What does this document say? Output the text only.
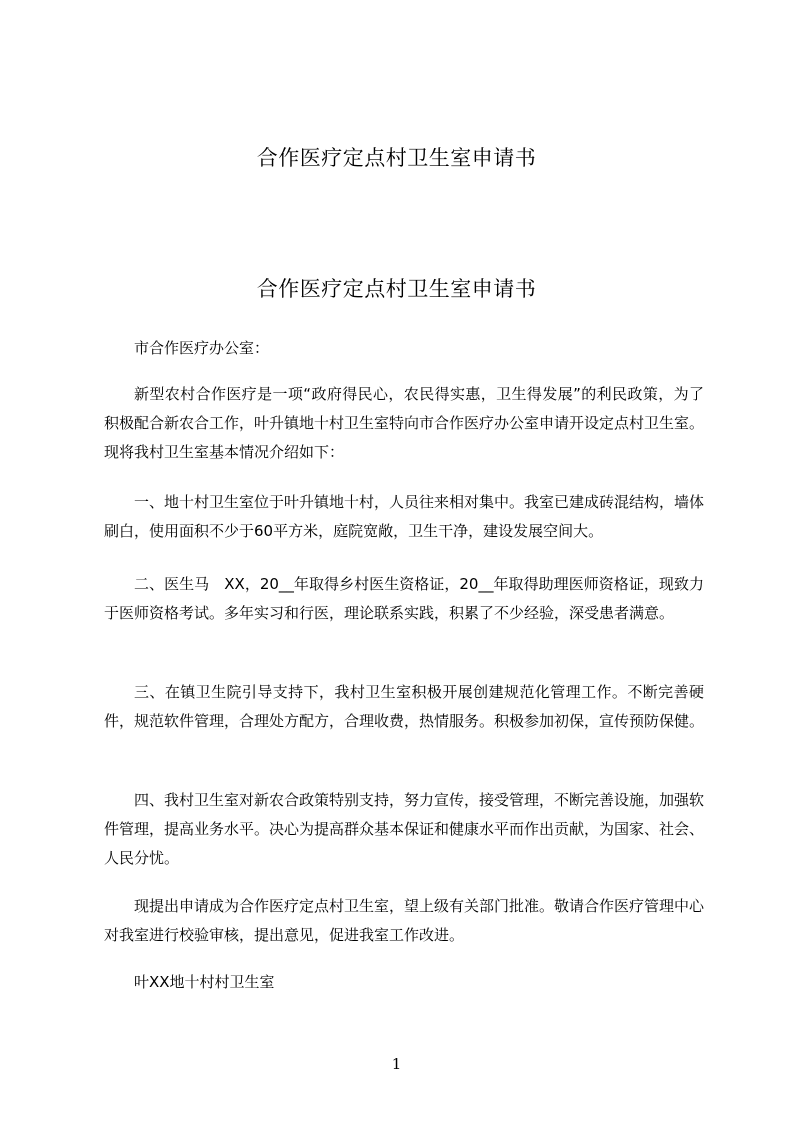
合作医疗定点村卫生室申请书
合作医疗定点村卫生室申请书

市合作医疗办公室：

新型农村合作医疗是一项“政府得民心，农民得实惠，卫生得发展”的利民政策，为了积极配合新农合工作，叶升镇地十村卫生室特向市合作医疗办公室申请开设定点村卫生室。现将我村卫生室基本情况介绍如下：

一、地十村卫生室位于叶升镇地十村，人员往来相对集中。我室已建成砖混结构，墙体刷白，使用面积不少于60平方米，庭院宽敞，卫生干净，建设发展空间大。

二、医生马　XX，20__年取得乡村医生资格证，20__年取得助理医师资格证，现致力于医师资格考试。多年实习和行医，理论联系实践，积累了不少经验，深受患者满意。

三、在镇卫生院引导支持下，我村卫生室积极开展创建规范化管理工作。不断完善硬件，规范软件管理，合理处方配方，合理收费，热情服务。积极参加初保，宣传预防保健。

四、我村卫生室对新农合政策特别支持，努力宣传，接受管理，不断完善设施，加强软件管理，提高业务水平。决心为提高群众基本保证和健康水平而作出贡献，为国家、社会、人民分忧。

现提出申请成为合作医疗定点村卫生室，望上级有关部门批准。敬请合作医疗管理中心对我室进行校验审核，提出意见，促进我室工作改进。

叶XX地十村村卫生室

1
